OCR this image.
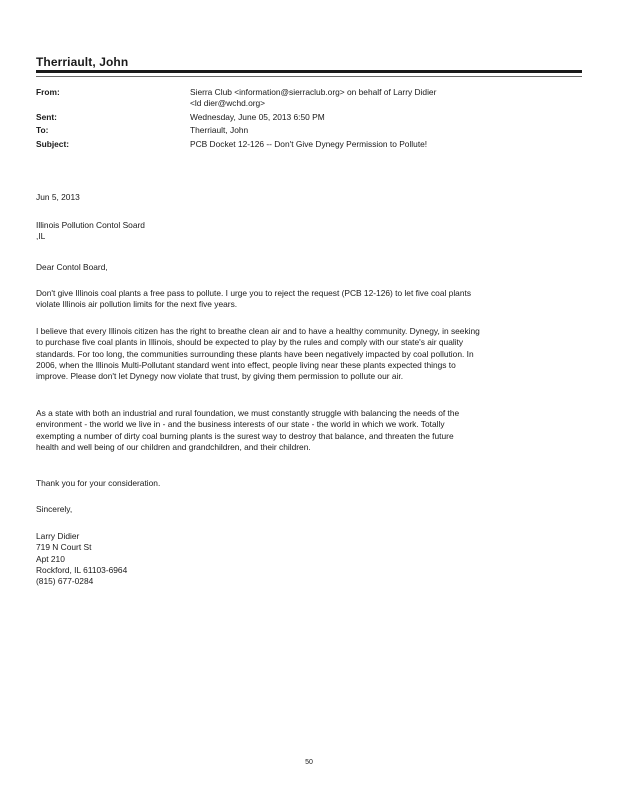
Therriault, John
From:	Sierra Club <information@sierraclub.org> on behalf of Larry Didier
<ld dier@wchd.org>
Sent:	Wednesday, June 05, 2013 6:50 PM
To:	Therriault, John
Subject:	PCB Docket 12-126 -- Don't Give Dynegy Permission to Pollute!
Jun 5, 2013
Illinois Pollution Contol Soard
,IL
Dear Contol Board,
Don't give Illinois coal plants a free pass to pollute. I urge you to reject the request (PCB 12-126) to let five coal plants
violate Illinois air pollution limits for the next five years.
I believe that every Illinois citizen has the right to breathe clean air and to have a healthy community. Dynegy, in seeking
to purchase five coal plants in Illinois, should be expected to play by the rules and comply with our state's air quality
standards. For too long, the communities surrounding these plants have been negatively impacted by coal pollution. In
2006, when the Illinois Multi-Pollutant standard went into effect, people living near these plants expected things to
improve. Please don't let Dynegy now violate that trust, by giving them permission to pollute our air.
As a state with both an industrial and rural foundation, we must constantly struggle with balancing the needs of the
environment - the world we live in - and the business interests of our state - the world in which we work. Totally
exempting a number of dirty coal burning plants is the surest way to destroy that balance, and threaten the future
health and well being of our children and grandchildren, and their children.
Thank you for your consideration.
Sincerely,
Larry Didier
719 N Court St
Apt 210
Rockford, IL 61103-6964
(815) 677-0284
50
